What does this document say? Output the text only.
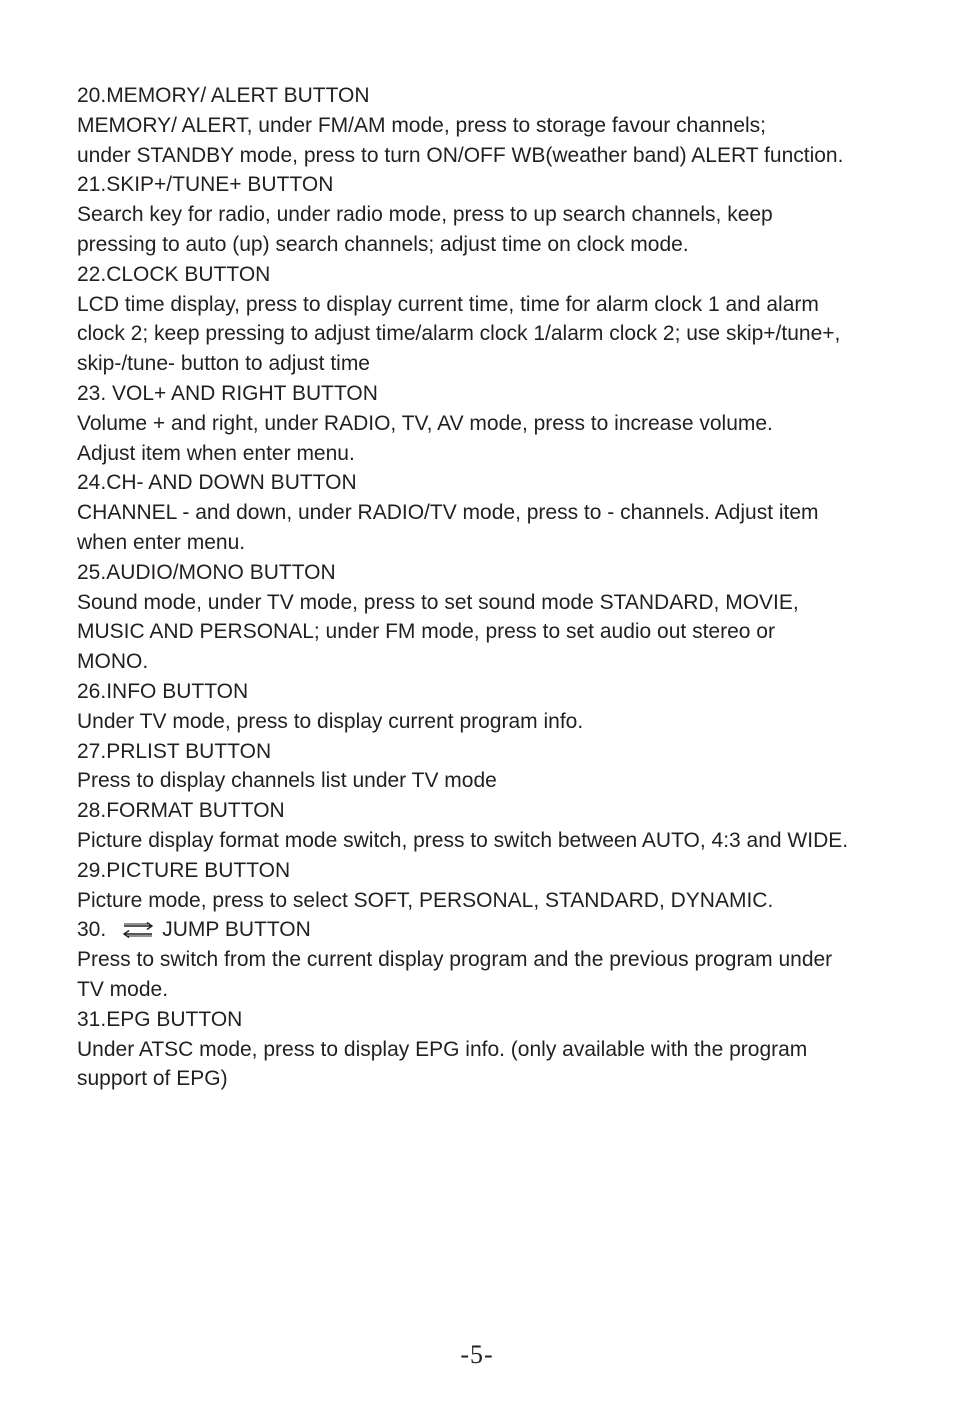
20.MEMORY/ ALERT BUTTON
MEMORY/ ALERT, under FM/AM mode, press to storage favour channels;
under STANDBY mode, press to turn ON/OFF WB(weather band) ALERT function.
21.SKIP+/TUNE+ BUTTON
Search key for radio, under radio mode, press to up search channels, keep
pressing to auto (up) search channels; adjust time on clock mode.
22.CLOCK BUTTON
LCD time display, press to display current time, time for alarm clock 1 and alarm
clock 2; keep pressing to adjust time/alarm clock 1/alarm clock 2; use skip+/tune+,
skip-/tune- button to adjust time
23. VOL+ AND RIGHT BUTTON
Volume + and right, under RADIO, TV, AV mode, press to increase volume.
Adjust item when enter menu.
24.CH- AND DOWN BUTTON
CHANNEL - and down, under RADIO/TV mode, press to - channels. Adjust item
when enter menu.
25.AUDIO/MONO BUTTON
Sound mode, under TV mode, press to set sound mode STANDARD, MOVIE,
MUSIC AND PERSONAL; under FM mode, press to set audio out stereo or
MONO.
26.INFO BUTTON
Under TV mode, press to display current program info.
27.PRLIST BUTTON
Press to display channels list under TV mode
28.FORMAT BUTTON
Picture display format mode switch, press to switch between AUTO, 4:3 and WIDE.
29.PICTURE BUTTON
Picture mode, press to select SOFT, PERSONAL, STANDARD, DYNAMIC.
30.	JUMP BUTTON
Press to switch from the current display program and the previous program under
TV mode.
31.EPG BUTTON
Under ATSC mode, press to display EPG info. (only available with the program
support of EPG)
-5-
